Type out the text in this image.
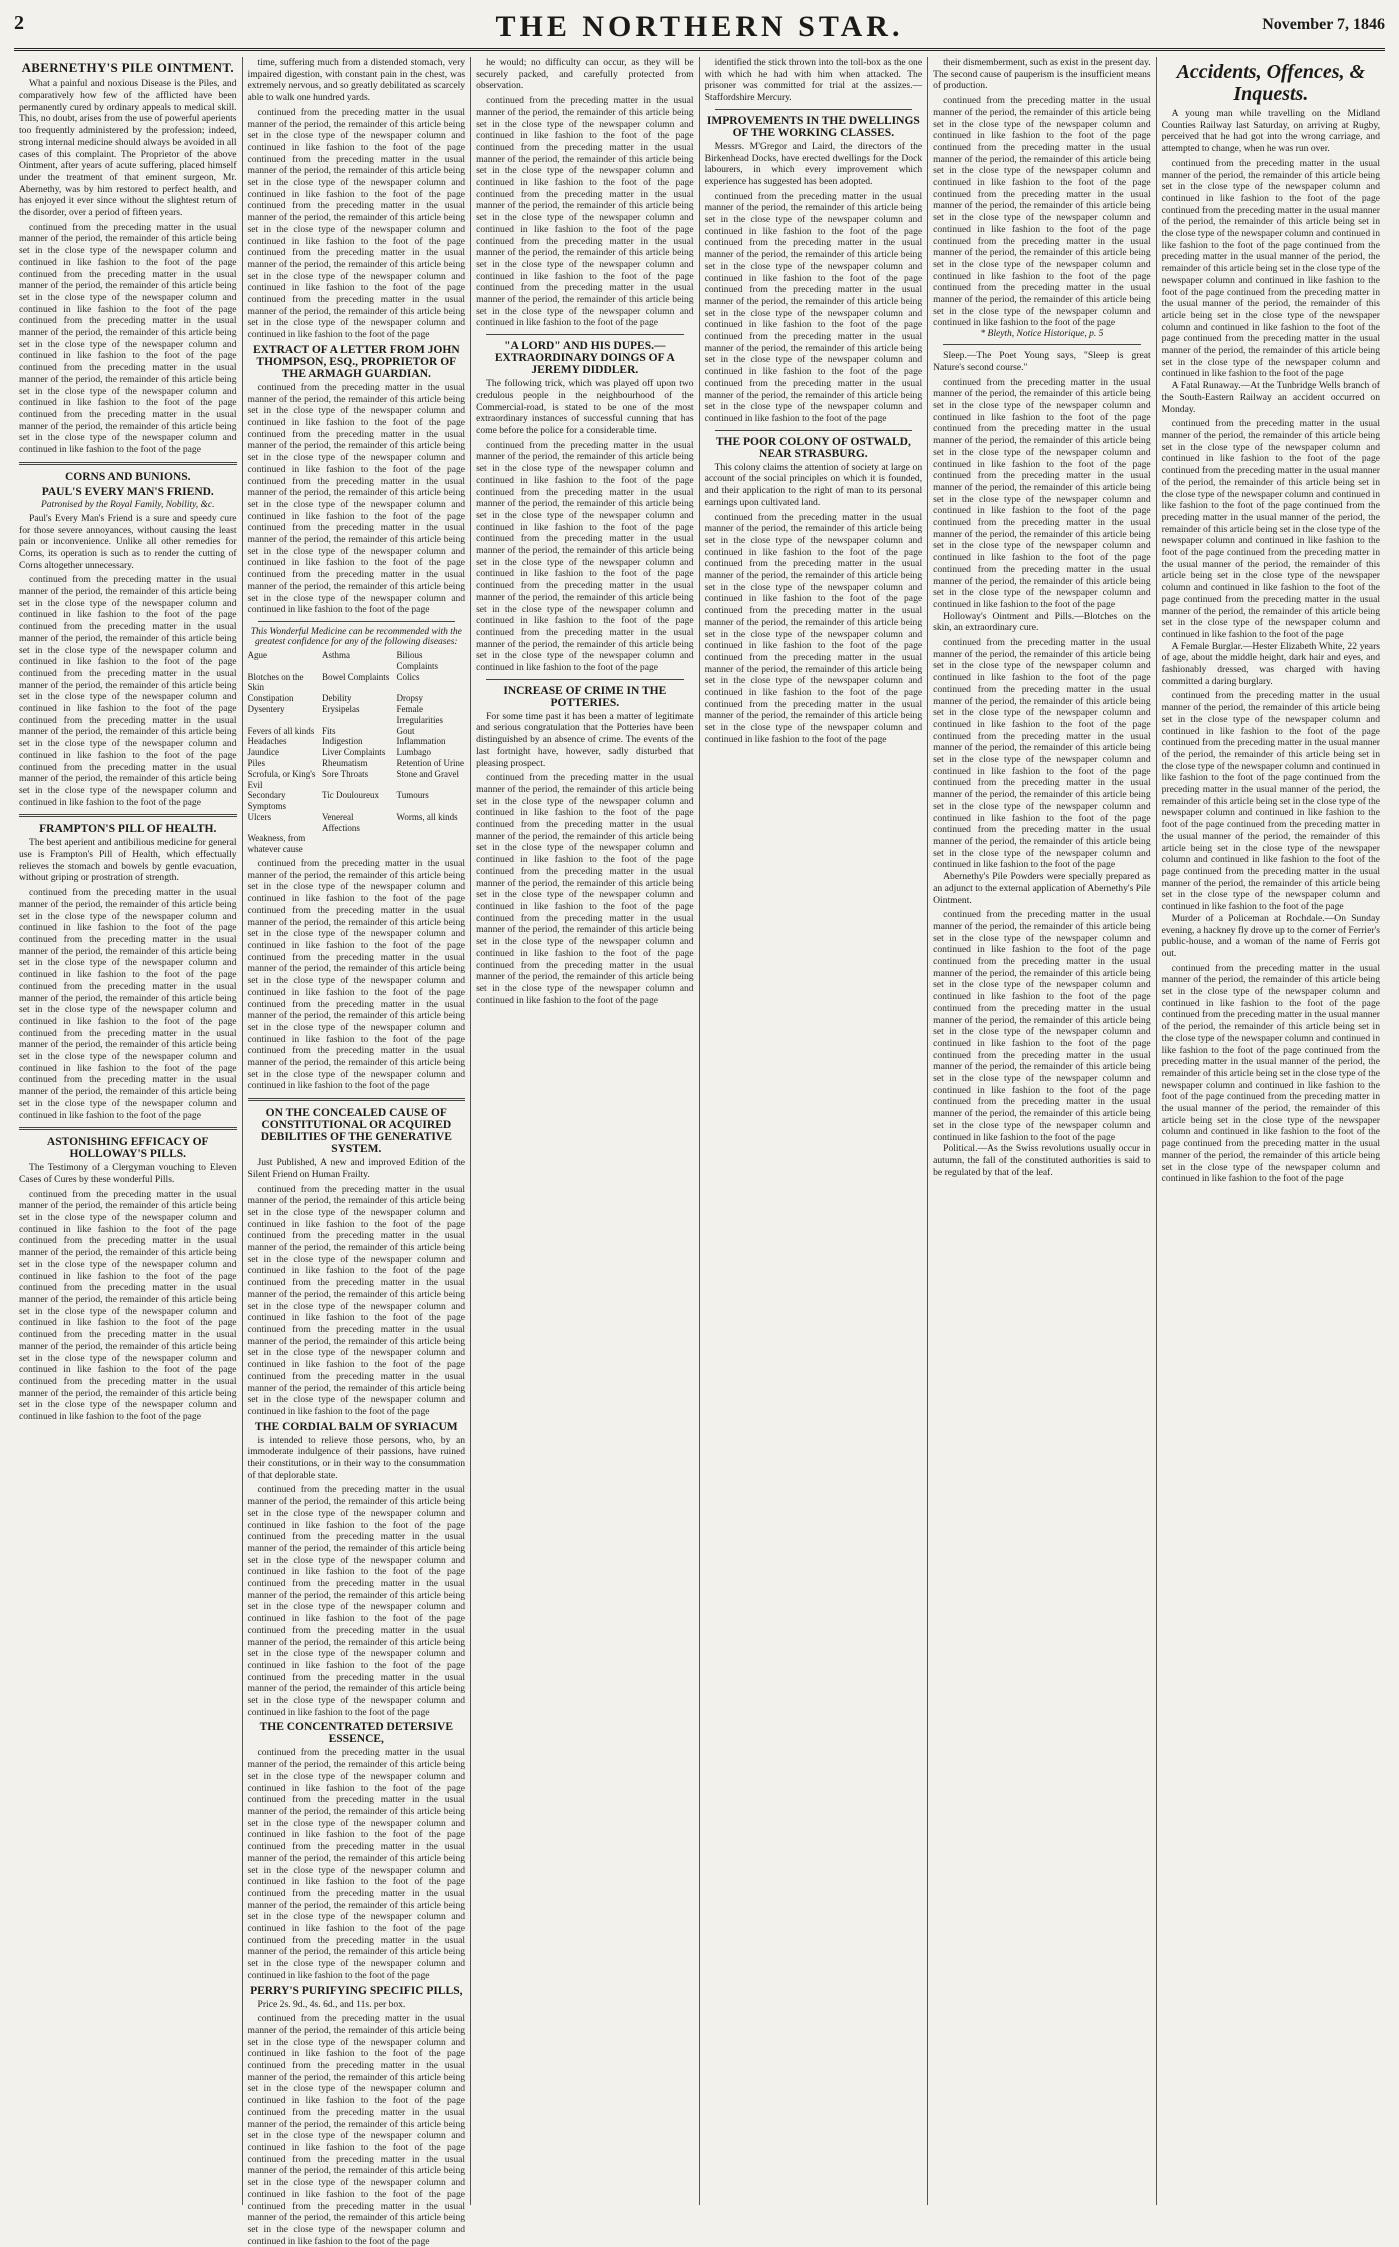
2	THE NORTHERN STAR.	November 7, 1846
ABERNETHY'S PILE OINTMENT.

What a painful and noxious Disease is the Piles, and comparatively how few of the afflicted have been permanently cured by ordinary appeals to medical skill. This, no doubt, arises from the use of powerful aperients too frequently administered by the profession; indeed, strong internal medicine should always be avoided in all cases of this complaint. The Proprietor of the above Ointment, after years of acute suffering, placed himself under the treatment of that eminent surgeon, Mr. Abernethy, was by him restored to perfect health, and has enjoyed it ever since without the slightest return of the disorder, over a period of fifteen years.

continued from the preceding matter in the usual manner of the period, the remainder of this article being set in the close type of the newspaper column and continued in like fashion to the foot of the page continued from the preceding matter in the usual manner of the period, the remainder of this article being set in the close type of the newspaper column and continued in like fashion to the foot of the page continued from the preceding matter in the usual manner of the period, the remainder of this article being set in the close type of the newspaper column and continued in like fashion to the foot of the page continued from the preceding matter in the usual manner of the period, the remainder of this article being set in the close type of the newspaper column and continued in like fashion to the foot of the page continued from the preceding matter in the usual manner of the period, the remainder of this article being set in the close type of the newspaper column and continued in like fashion to the foot of the page
CORNS AND BUNIONS.
PAUL'S EVERY MAN'S FRIEND.
Patronised by the Royal Family, Nobility, &c.

Paul's Every Man's Friend is a sure and speedy cure for those severe annoyances, without causing the least pain or inconvenience. Unlike all other remedies for Corns, its operation is such as to render the cutting of Corns altogether unnecessary.

continued from the preceding matter in the usual manner of the period, the remainder of this article being set in the close type of the newspaper column and continued in like fashion to the foot of the page continued from the preceding matter in the usual manner of the period, the remainder of this article being set in the close type of the newspaper column and continued in like fashion to the foot of the page continued from the preceding matter in the usual manner of the period, the remainder of this article being set in the close type of the newspaper column and continued in like fashion to the foot of the page continued from the preceding matter in the usual manner of the period, the remainder of this article being set in the close type of the newspaper column and continued in like fashion to the foot of the page continued from the preceding matter in the usual manner of the period, the remainder of this article being set in the close type of the newspaper column and continued in like fashion to the foot of the page
FRAMPTON'S PILL OF HEALTH.

The best aperient and antibilious medicine for general use is Frampton's Pill of Health, which effectually relieves the stomach and bowels by gentle evacuation, without griping or prostration of strength.

continued from the preceding matter in the usual manner of the period, the remainder of this article being set in the close type of the newspaper column and continued in like fashion to the foot of the page continued from the preceding matter in the usual manner of the period, the remainder of this article being set in the close type of the newspaper column and continued in like fashion to the foot of the page continued from the preceding matter in the usual manner of the period, the remainder of this article being set in the close type of the newspaper column and continued in like fashion to the foot of the page continued from the preceding matter in the usual manner of the period, the remainder of this article being set in the close type of the newspaper column and continued in like fashion to the foot of the page continued from the preceding matter in the usual manner of the period, the remainder of this article being set in the close type of the newspaper column and continued in like fashion to the foot of the page
ASTONISHING EFFICACY OF HOLLOWAY'S PILLS.

The Testimony of a Clergyman vouching to Eleven Cases of Cures by these wonderful Pills.

continued from the preceding matter in the usual manner of the period, the remainder of this article being set in the close type of the newspaper column and continued in like fashion to the foot of the page continued from the preceding matter in the usual manner of the period, the remainder of this article being set in the close type of the newspaper column and continued in like fashion to the foot of the page continued from the preceding matter in the usual manner of the period, the remainder of this article being set in the close type of the newspaper column and continued in like fashion to the foot of the page continued from the preceding matter in the usual manner of the period, the remainder of this article being set in the close type of the newspaper column and continued in like fashion to the foot of the page continued from the preceding matter in the usual manner of the period, the remainder of this article being set in the close type of the newspaper column and continued in like fashion to the foot of the page

time, suffering much from a distended stomach, very impaired digestion, with constant pain in the chest, was extremely nervous, and so greatly debilitated as scarcely able to walk one hundred yards.

continued from the preceding matter in the usual manner of the period, the remainder of this article being set in the close type of the newspaper column and continued in like fashion to the foot of the page continued from the preceding matter in the usual manner of the period, the remainder of this article being set in the close type of the newspaper column and continued in like fashion to the foot of the page continued from the preceding matter in the usual manner of the period, the remainder of this article being set in the close type of the newspaper column and continued in like fashion to the foot of the page continued from the preceding matter in the usual manner of the period, the remainder of this article being set in the close type of the newspaper column and continued in like fashion to the foot of the page continued from the preceding matter in the usual manner of the period, the remainder of this article being set in the close type of the newspaper column and continued in like fashion to the foot of the page
EXTRACT OF A LETTER FROM JOHN THOMPSON, ESQ., PROPRIETOR OF THE ARMAGH GUARDIAN.
continued from the preceding matter in the usual manner of the period, the remainder of this article being set in the close type of the newspaper column and continued in like fashion to the foot of the page continued from the preceding matter in the usual manner of the period, the remainder of this article being set in the close type of the newspaper column and continued in like fashion to the foot of the page continued from the preceding matter in the usual manner of the period, the remainder of this article being set in the close type of the newspaper column and continued in like fashion to the foot of the page continued from the preceding matter in the usual manner of the period, the remainder of this article being set in the close type of the newspaper column and continued in like fashion to the foot of the page continued from the preceding matter in the usual manner of the period, the remainder of this article being set in the close type of the newspaper column and continued in like fashion to the foot of the page
This Wonderful Medicine can be recommended with the greatest confidence for any of the following diseases:
Ague	Asthma	Bilious Complaints
Blotches on the Skin
Bowel Complaints Colics
Constipation	Debility	Dropsy
Dysentery	Erysipelas	Female Irregularities
Fevers of all kinds Fits	Gout
Headaches	Indigestion	Inflammation
Jaundice	Liver Complaints	Lumbago
Piles	Rheumatism	Retention of Urine
Scrofula, or King's Evil
Sore Throats	Stone and Gravel
Secondary Symptoms
Tic Douloureux	Tumours
Ulcers	Venereal Affections
Worms, all kinds
Weakness, from whatever cause
continued from the preceding matter in the usual manner of the period, the remainder of this article being set in the close type of the newspaper column and continued in like fashion to the foot of the page continued from the preceding matter in the usual manner of the period, the remainder of this article being set in the close type of the newspaper column and continued in like fashion to the foot of the page continued from the preceding matter in the usual manner of the period, the remainder of this article being set in the close type of the newspaper column and continued in like fashion to the foot of the page continued from the preceding matter in the usual manner of the period, the remainder of this article being set in the close type of the newspaper column and continued in like fashion to the foot of the page continued from the preceding matter in the usual manner of the period, the remainder of this article being set in the close type of the newspaper column and continued in like fashion to the foot of the page
ON THE CONCEALED CAUSE OF CONSTITUTIONAL OR ACQUIRED DEBILITIES OF THE GENERATIVE SYSTEM.

Just Published, A new and improved Edition of the Silent Friend on Human Frailty.

continued from the preceding matter in the usual manner of the period, the remainder of this article being set in the close type of the newspaper column and continued in like fashion to the foot of the page continued from the preceding matter in the usual manner of the period, the remainder of this article being set in the close type of the newspaper column and continued in like fashion to the foot of the page continued from the preceding matter in the usual manner of the period, the remainder of this article being set in the close type of the newspaper column and continued in like fashion to the foot of the page continued from the preceding matter in the usual manner of the period, the remainder of this article being set in the close type of the newspaper column and continued in like fashion to the foot of the page continued from the preceding matter in the usual manner of the period, the remainder of this article being set in the close type of the newspaper column and continued in like fashion to the foot of the page
THE CORDIAL BALM OF SYRIACUM

is intended to relieve those persons, who, by an immoderate indulgence of their passions, have ruined their constitutions, or in their way to the consummation of that deplorable state.

continued from the preceding matter in the usual manner of the period, the remainder of this article being set in the close type of the newspaper column and continued in like fashion to the foot of the page continued from the preceding matter in the usual manner of the period, the remainder of this article being set in the close type of the newspaper column and continued in like fashion to the foot of the page continued from the preceding matter in the usual manner of the period, the remainder of this article being set in the close type of the newspaper column and continued in like fashion to the foot of the page continued from the preceding matter in the usual manner of the period, the remainder of this article being set in the close type of the newspaper column and continued in like fashion to the foot of the page continued from the preceding matter in the usual manner of the period, the remainder of this article being set in the close type of the newspaper column and continued in like fashion to the foot of the page
THE CONCENTRATED DETERSIVE ESSENCE,
continued from the preceding matter in the usual manner of the period, the remainder of this article being set in the close type of the newspaper column and continued in like fashion to the foot of the page continued from the preceding matter in the usual manner of the period, the remainder of this article being set in the close type of the newspaper column and continued in like fashion to the foot of the page continued from the preceding matter in the usual manner of the period, the remainder of this article being set in the close type of the newspaper column and continued in like fashion to the foot of the page continued from the preceding matter in the usual manner of the period, the remainder of this article being set in the close type of the newspaper column and continued in like fashion to the foot of the page continued from the preceding matter in the usual manner of the period, the remainder of this article being set in the close type of the newspaper column and continued in like fashion to the foot of the page
PERRY'S PURIFYING SPECIFIC PILLS,

Price 2s. 9d., 4s. 6d., and 11s. per box.

continued from the preceding matter in the usual manner of the period, the remainder of this article being set in the close type of the newspaper column and continued in like fashion to the foot of the page continued from the preceding matter in the usual manner of the period, the remainder of this article being set in the close type of the newspaper column and continued in like fashion to the foot of the page continued from the preceding matter in the usual manner of the period, the remainder of this article being set in the close type of the newspaper column and continued in like fashion to the foot of the page continued from the preceding matter in the usual manner of the period, the remainder of this article being set in the close type of the newspaper column and continued in like fashion to the foot of the page continued from the preceding matter in the usual manner of the period, the remainder of this article being set in the close type of the newspaper column and continued in like fashion to the foot of the page

he would; no difficulty can occur, as they will be securely packed, and carefully protected from observation.

continued from the preceding matter in the usual manner of the period, the remainder of this article being set in the close type of the newspaper column and continued in like fashion to the foot of the page continued from the preceding matter in the usual manner of the period, the remainder of this article being set in the close type of the newspaper column and continued in like fashion to the foot of the page continued from the preceding matter in the usual manner of the period, the remainder of this article being set in the close type of the newspaper column and continued in like fashion to the foot of the page continued from the preceding matter in the usual manner of the period, the remainder of this article being set in the close type of the newspaper column and continued in like fashion to the foot of the page continued from the preceding matter in the usual manner of the period, the remainder of this article being set in the close type of the newspaper column and continued in like fashion to the foot of the page
"A LORD" AND HIS DUPES.—EXTRAORDINARY DOINGS OF A JEREMY DIDDLER.

The following trick, which was played off upon two credulous people in the neighbourhood of the Commercial-road, is stated to be one of the most extraordinary instances of successful cunning that has come before the police for a considerable time.

continued from the preceding matter in the usual manner of the period, the remainder of this article being set in the close type of the newspaper column and continued in like fashion to the foot of the page continued from the preceding matter in the usual manner of the period, the remainder of this article being set in the close type of the newspaper column and continued in like fashion to the foot of the page continued from the preceding matter in the usual manner of the period, the remainder of this article being set in the close type of the newspaper column and continued in like fashion to the foot of the page continued from the preceding matter in the usual manner of the period, the remainder of this article being set in the close type of the newspaper column and continued in like fashion to the foot of the page continued from the preceding matter in the usual manner of the period, the remainder of this article being set in the close type of the newspaper column and continued in like fashion to the foot of the page
INCREASE OF CRIME IN THE POTTERIES.

For some time past it has been a matter of legitimate and serious congratulation that the Potteries have been distinguished by an absence of crime. The events of the last fortnight have, however, sadly disturbed that pleasing prospect.

continued from the preceding matter in the usual manner of the period, the remainder of this article being set in the close type of the newspaper column and continued in like fashion to the foot of the page continued from the preceding matter in the usual manner of the period, the remainder of this article being set in the close type of the newspaper column and continued in like fashion to the foot of the page continued from the preceding matter in the usual manner of the period, the remainder of this article being set in the close type of the newspaper column and continued in like fashion to the foot of the page continued from the preceding matter in the usual manner of the period, the remainder of this article being set in the close type of the newspaper column and continued in like fashion to the foot of the page continued from the preceding matter in the usual manner of the period, the remainder of this article being set in the close type of the newspaper column and continued in like fashion to the foot of the page

identified the stick thrown into the toll-box as the one with which he had with him when attacked. The prisoner was committed for trial at the assizes.—Staffordshire Mercury.

IMPROVEMENTS IN THE DWELLINGS OF THE WORKING CLASSES.

Messrs. M'Gregor and Laird, the directors of the Birkenhead Docks, have erected dwellings for the Dock labourers, in which every improvement which experience has suggested has been adopted.

continued from the preceding matter in the usual manner of the period, the remainder of this article being set in the close type of the newspaper column and continued in like fashion to the foot of the page continued from the preceding matter in the usual manner of the period, the remainder of this article being set in the close type of the newspaper column and continued in like fashion to the foot of the page continued from the preceding matter in the usual manner of the period, the remainder of this article being set in the close type of the newspaper column and continued in like fashion to the foot of the page continued from the preceding matter in the usual manner of the period, the remainder of this article being set in the close type of the newspaper column and continued in like fashion to the foot of the page continued from the preceding matter in the usual manner of the period, the remainder of this article being set in the close type of the newspaper column and continued in like fashion to the foot of the page
THE POOR COLONY OF OSTWALD, NEAR STRASBURG.

This colony claims the attention of society at large on account of the social principles on which it is founded, and their application to the right of man to its personal earnings upon cultivated land.

continued from the preceding matter in the usual manner of the period, the remainder of this article being set in the close type of the newspaper column and continued in like fashion to the foot of the page continued from the preceding matter in the usual manner of the period, the remainder of this article being set in the close type of the newspaper column and continued in like fashion to the foot of the page continued from the preceding matter in the usual manner of the period, the remainder of this article being set in the close type of the newspaper column and continued in like fashion to the foot of the page continued from the preceding matter in the usual manner of the period, the remainder of this article being set in the close type of the newspaper column and continued in like fashion to the foot of the page continued from the preceding matter in the usual manner of the period, the remainder of this article being set in the close type of the newspaper column and continued in like fashion to the foot of the page

their dismemberment, such as exist in the present day. The second cause of pauperism is the insufficient means of production.

continued from the preceding matter in the usual manner of the period, the remainder of this article being set in the close type of the newspaper column and continued in like fashion to the foot of the page continued from the preceding matter in the usual manner of the period, the remainder of this article being set in the close type of the newspaper column and continued in like fashion to the foot of the page continued from the preceding matter in the usual manner of the period, the remainder of this article being set in the close type of the newspaper column and continued in like fashion to the foot of the page continued from the preceding matter in the usual manner of the period, the remainder of this article being set in the close type of the newspaper column and continued in like fashion to the foot of the page continued from the preceding matter in the usual manner of the period, the remainder of this article being set in the close type of the newspaper column and continued in like fashion to the foot of the page
* Bleyth, Notice Historique, p. 5

Sleep.—The Poet Young says, "Sleep is great Nature's second course."

continued from the preceding matter in the usual manner of the period, the remainder of this article being set in the close type of the newspaper column and continued in like fashion to the foot of the page continued from the preceding matter in the usual manner of the period, the remainder of this article being set in the close type of the newspaper column and continued in like fashion to the foot of the page continued from the preceding matter in the usual manner of the period, the remainder of this article being set in the close type of the newspaper column and continued in like fashion to the foot of the page continued from the preceding matter in the usual manner of the period, the remainder of this article being set in the close type of the newspaper column and continued in like fashion to the foot of the page continued from the preceding matter in the usual manner of the period, the remainder of this article being set in the close type of the newspaper column and continued in like fashion to the foot of the page

Holloway's Ointment and Pills.—Blotches on the skin, an extraordinary cure.

continued from the preceding matter in the usual manner of the period, the remainder of this article being set in the close type of the newspaper column and continued in like fashion to the foot of the page continued from the preceding matter in the usual manner of the period, the remainder of this article being set in the close type of the newspaper column and continued in like fashion to the foot of the page continued from the preceding matter in the usual manner of the period, the remainder of this article being set in the close type of the newspaper column and continued in like fashion to the foot of the page continued from the preceding matter in the usual manner of the period, the remainder of this article being set in the close type of the newspaper column and continued in like fashion to the foot of the page continued from the preceding matter in the usual manner of the period, the remainder of this article being set in the close type of the newspaper column and continued in like fashion to the foot of the page

Abernethy's Pile Powders were specially prepared as an adjunct to the external application of Abernethy's Pile Ointment.

continued from the preceding matter in the usual manner of the period, the remainder of this article being set in the close type of the newspaper column and continued in like fashion to the foot of the page continued from the preceding matter in the usual manner of the period, the remainder of this article being set in the close type of the newspaper column and continued in like fashion to the foot of the page continued from the preceding matter in the usual manner of the period, the remainder of this article being set in the close type of the newspaper column and continued in like fashion to the foot of the page continued from the preceding matter in the usual manner of the period, the remainder of this article being set in the close type of the newspaper column and continued in like fashion to the foot of the page continued from the preceding matter in the usual manner of the period, the remainder of this article being set in the close type of the newspaper column and continued in like fashion to the foot of the page

Political.—As the Swiss revolutions usually occur in autumn, the fall of the constituted authorities is said to be regulated by that of the leaf.

Accidents, Offences, & Inquests.

A young man while travelling on the Midland Counties Railway last Saturday, on arriving at Rugby, perceived that he had got into the wrong carriage, and attempted to change, when he was run over.

continued from the preceding matter in the usual manner of the period, the remainder of this article being set in the close type of the newspaper column and continued in like fashion to the foot of the page continued from the preceding matter in the usual manner of the period, the remainder of this article being set in the close type of the newspaper column and continued in like fashion to the foot of the page continued from the preceding matter in the usual manner of the period, the remainder of this article being set in the close type of the newspaper column and continued in like fashion to the foot of the page continued from the preceding matter in the usual manner of the period, the remainder of this article being set in the close type of the newspaper column and continued in like fashion to the foot of the page continued from the preceding matter in the usual manner of the period, the remainder of this article being set in the close type of the newspaper column and continued in like fashion to the foot of the page

A Fatal Runaway.—At the Tunbridge Wells branch of the South-Eastern Railway an accident occurred on Monday.

continued from the preceding matter in the usual manner of the period, the remainder of this article being set in the close type of the newspaper column and continued in like fashion to the foot of the page continued from the preceding matter in the usual manner of the period, the remainder of this article being set in the close type of the newspaper column and continued in like fashion to the foot of the page continued from the preceding matter in the usual manner of the period, the remainder of this article being set in the close type of the newspaper column and continued in like fashion to the foot of the page continued from the preceding matter in the usual manner of the period, the remainder of this article being set in the close type of the newspaper column and continued in like fashion to the foot of the page continued from the preceding matter in the usual manner of the period, the remainder of this article being set in the close type of the newspaper column and continued in like fashion to the foot of the page

A Female Burglar.—Hester Elizabeth White, 22 years of age, about the middle height, dark hair and eyes, and fashionably dressed, was charged with having committed a daring burglary.

continued from the preceding matter in the usual manner of the period, the remainder of this article being set in the close type of the newspaper column and continued in like fashion to the foot of the page continued from the preceding matter in the usual manner of the period, the remainder of this article being set in the close type of the newspaper column and continued in like fashion to the foot of the page continued from the preceding matter in the usual manner of the period, the remainder of this article being set in the close type of the newspaper column and continued in like fashion to the foot of the page continued from the preceding matter in the usual manner of the period, the remainder of this article being set in the close type of the newspaper column and continued in like fashion to the foot of the page continued from the preceding matter in the usual manner of the period, the remainder of this article being set in the close type of the newspaper column and continued in like fashion to the foot of the page

Murder of a Policeman at Rochdale.—On Sunday evening, a hackney fly drove up to the corner of Ferrier's public-house, and a woman of the name of Ferris got out.

continued from the preceding matter in the usual manner of the period, the remainder of this article being set in the close type of the newspaper column and continued in like fashion to the foot of the page continued from the preceding matter in the usual manner of the period, the remainder of this article being set in the close type of the newspaper column and continued in like fashion to the foot of the page continued from the preceding matter in the usual manner of the period, the remainder of this article being set in the close type of the newspaper column and continued in like fashion to the foot of the page continued from the preceding matter in the usual manner of the period, the remainder of this article being set in the close type of the newspaper column and continued in like fashion to the foot of the page continued from the preceding matter in the usual manner of the period, the remainder of this article being set in the close type of the newspaper column and continued in like fashion to the foot of the page
